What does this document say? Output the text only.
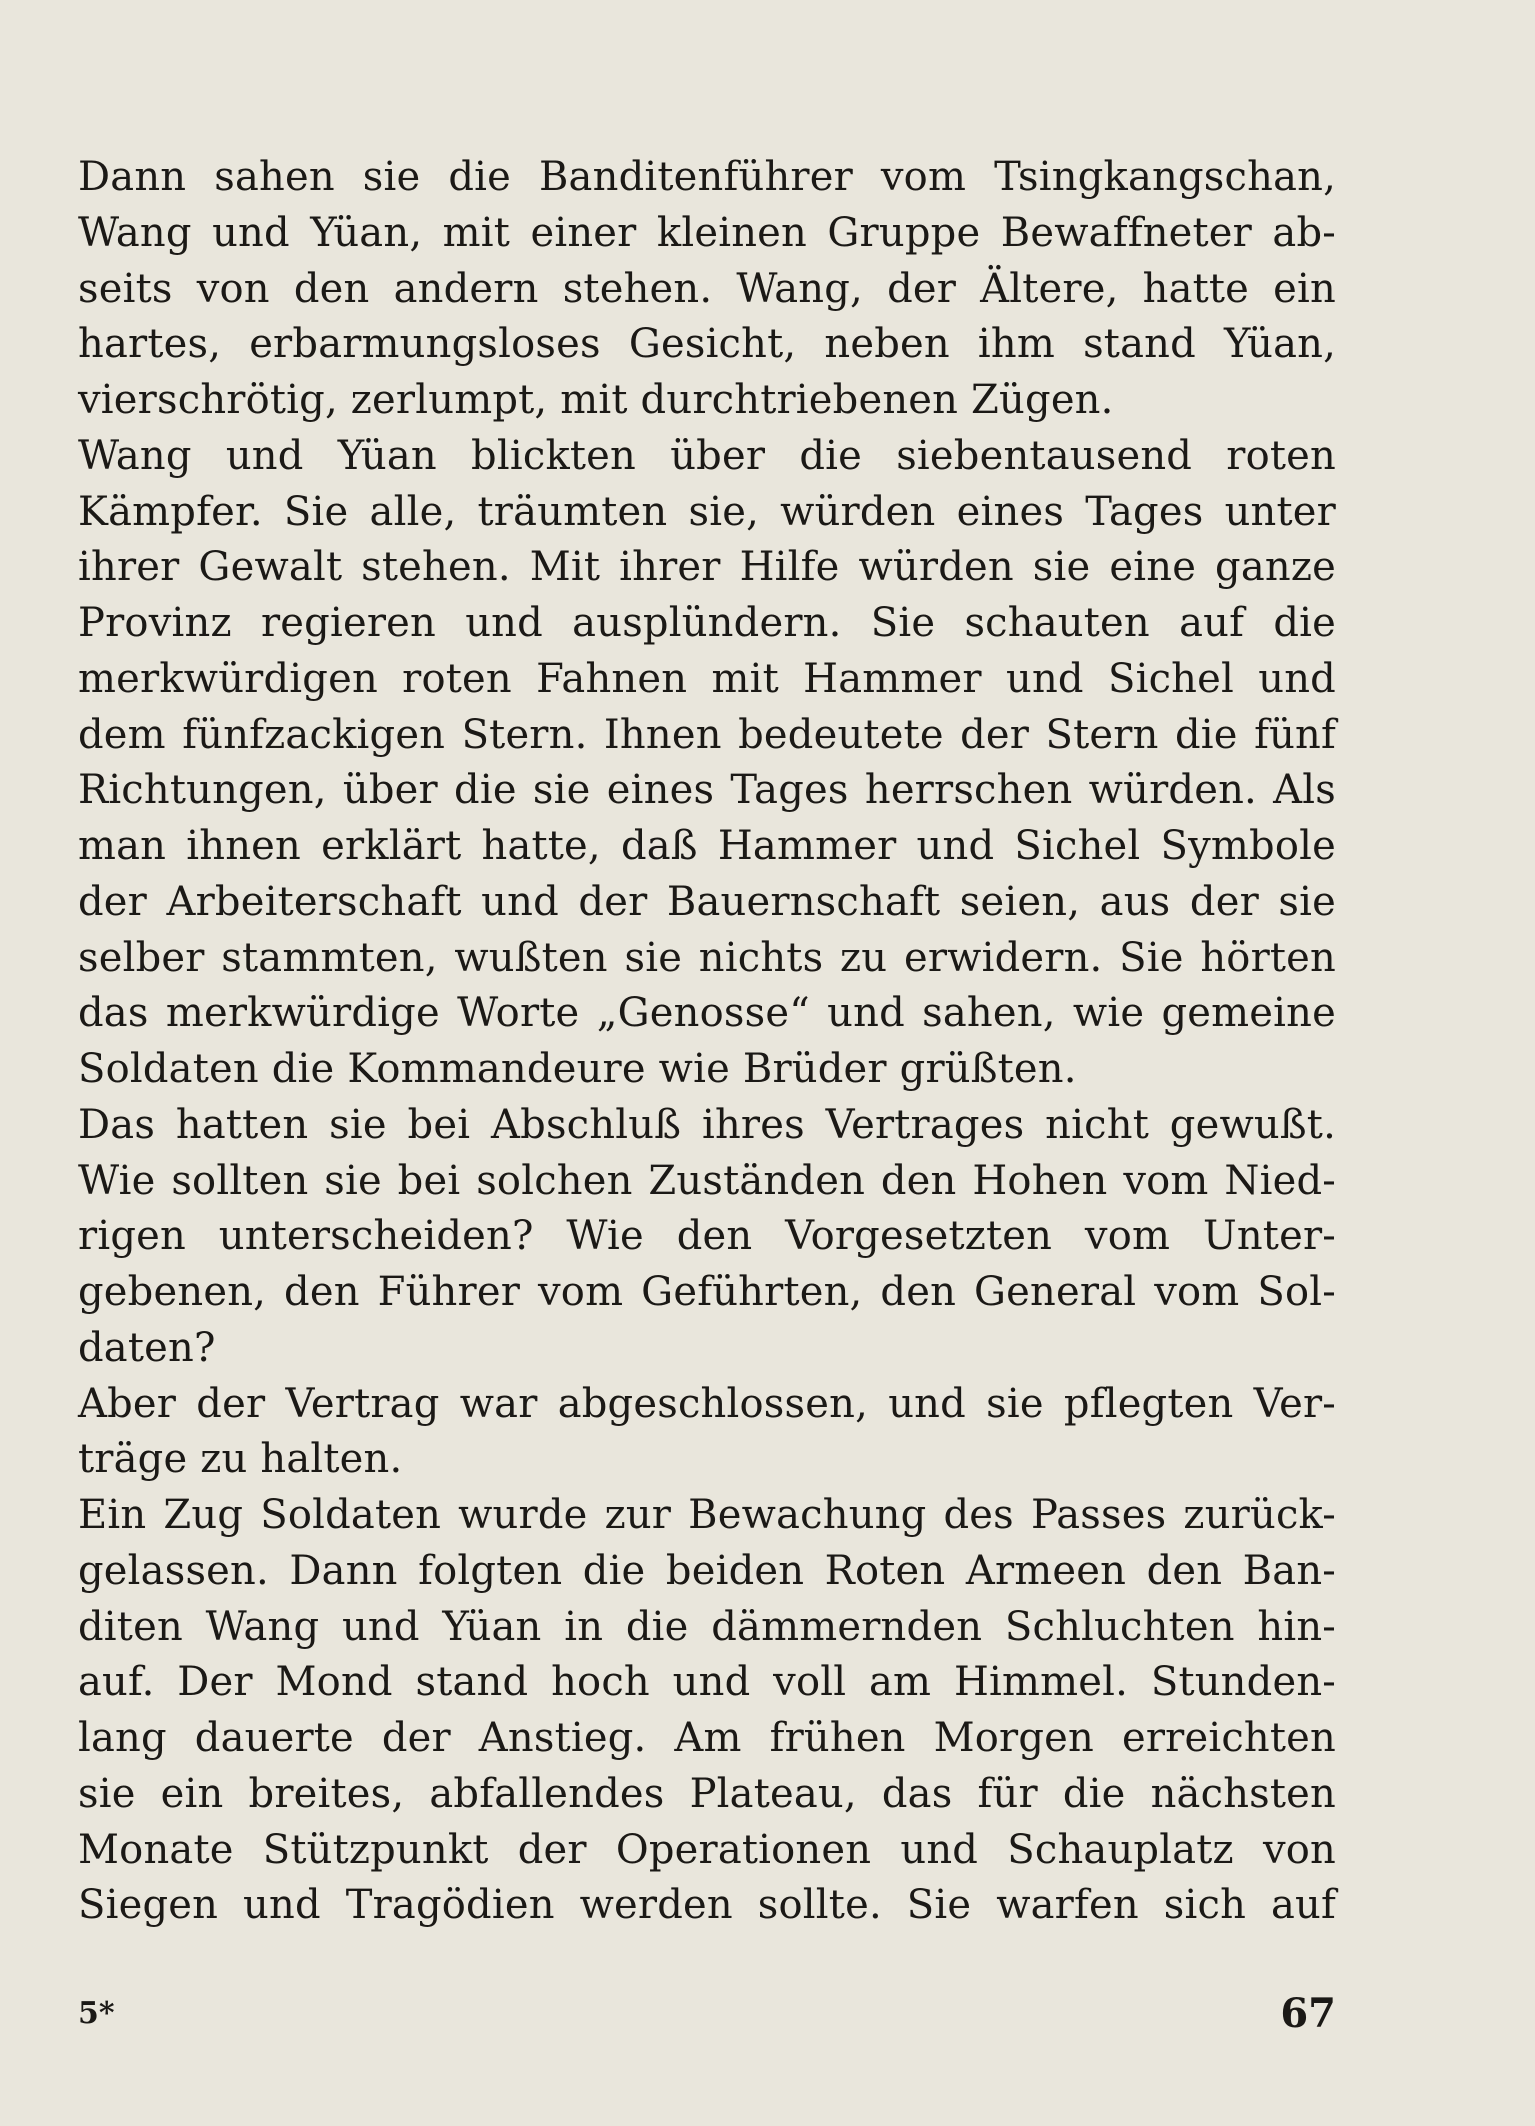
Dann sahen sie die Banditenführer vom Tsingkangschan,
Wang und Yüan, mit einer kleinen Gruppe Bewaffneter ab-
seits von den andern stehen. Wang, der Ältere, hatte ein
hartes, erbarmungsloses Gesicht, neben ihm stand Yüan,
vierschrötig, zerlumpt, mit durchtriebenen Zügen.
Wang und Yüan blickten über die siebentausend roten
Kämpfer. Sie alle, träumten sie, würden eines Tages unter
ihrer Gewalt stehen. Mit ihrer Hilfe würden sie eine ganze
Provinz regieren und ausplündern. Sie schauten auf die
merkwürdigen roten Fahnen mit Hammer und Sichel und
dem fünfzackigen Stern. Ihnen bedeutete der Stern die fünf
Richtungen, über die sie eines Tages herrschen würden. Als
man ihnen erklärt hatte, daß Hammer und Sichel Symbole
der Arbeiterschaft und der Bauernschaft seien, aus der sie
selber stammten, wußten sie nichts zu erwidern. Sie hörten
das merkwürdige Worte „Genosse“ und sahen, wie gemeine
Soldaten die Kommandeure wie Brüder grüßten.
Das hatten sie bei Abschluß ihres Vertrages nicht gewußt.
Wie sollten sie bei solchen Zuständen den Hohen vom Nied-
rigen unterscheiden? Wie den Vorgesetzten vom Unter-
gebenen, den Führer vom Geführten, den General vom Sol-
daten?
Aber der Vertrag war abgeschlossen, und sie pflegten Ver-
träge zu halten.
Ein Zug Soldaten wurde zur Bewachung des Passes zurück-
gelassen. Dann folgten die beiden Roten Armeen den Ban-
diten Wang und Yüan in die dämmernden Schluchten hin-
auf. Der Mond stand hoch und voll am Himmel. Stunden-
lang dauerte der Anstieg. Am frühen Morgen erreichten
sie ein breites, abfallendes Plateau, das für die nächsten
Monate Stützpunkt der Operationen und Schauplatz von
Siegen und Tragödien werden sollte. Sie warfen sich auf
5*	67
